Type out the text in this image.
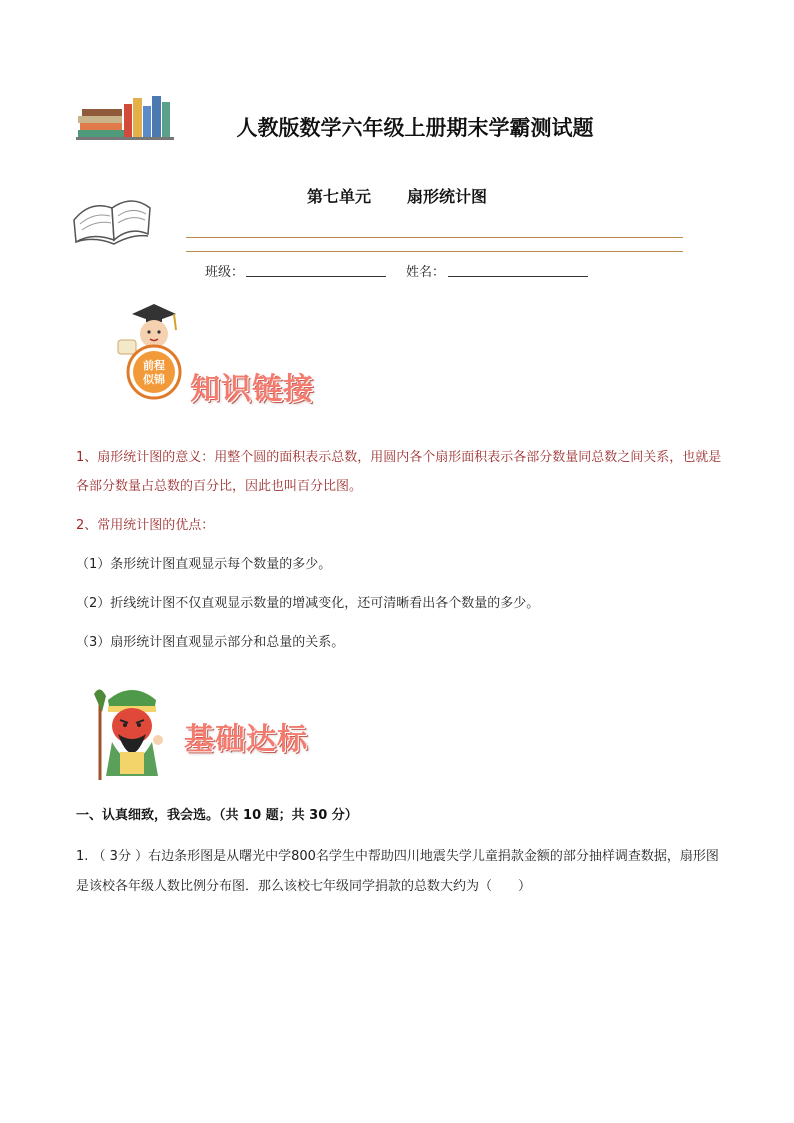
人教版数学六年级上册期末学霸测试题
第七单元 扇形统计图
班级：	姓名：
前程
似锦 知识链接
1、扇形统计图的意义：用整个圆的面积表示总数，用圆内各个扇形面积表示各部分数量同总数之间关系，也就是各部分数量占总数的百分比，因此也叫百分比图。
2、常用统计图的优点：
（1）条形统计图直观显示每个数量的多少。
（2）折线统计图不仅直观显示数量的增减变化，还可清晰看出各个数量的多少。
（3）扇形统计图直观显示部分和总量的关系。
基础达标
一、认真细致，我会选。（共 10 题；共 30 分）
1. （ 3分 ）右边条形图是从曙光中学800名学生中帮助四川地震失学儿童捐款金额的部分抽样调查数据，扇形图是该校各年级人数比例分布图．那么该校七年级同学捐款的总数大约为（　　）
